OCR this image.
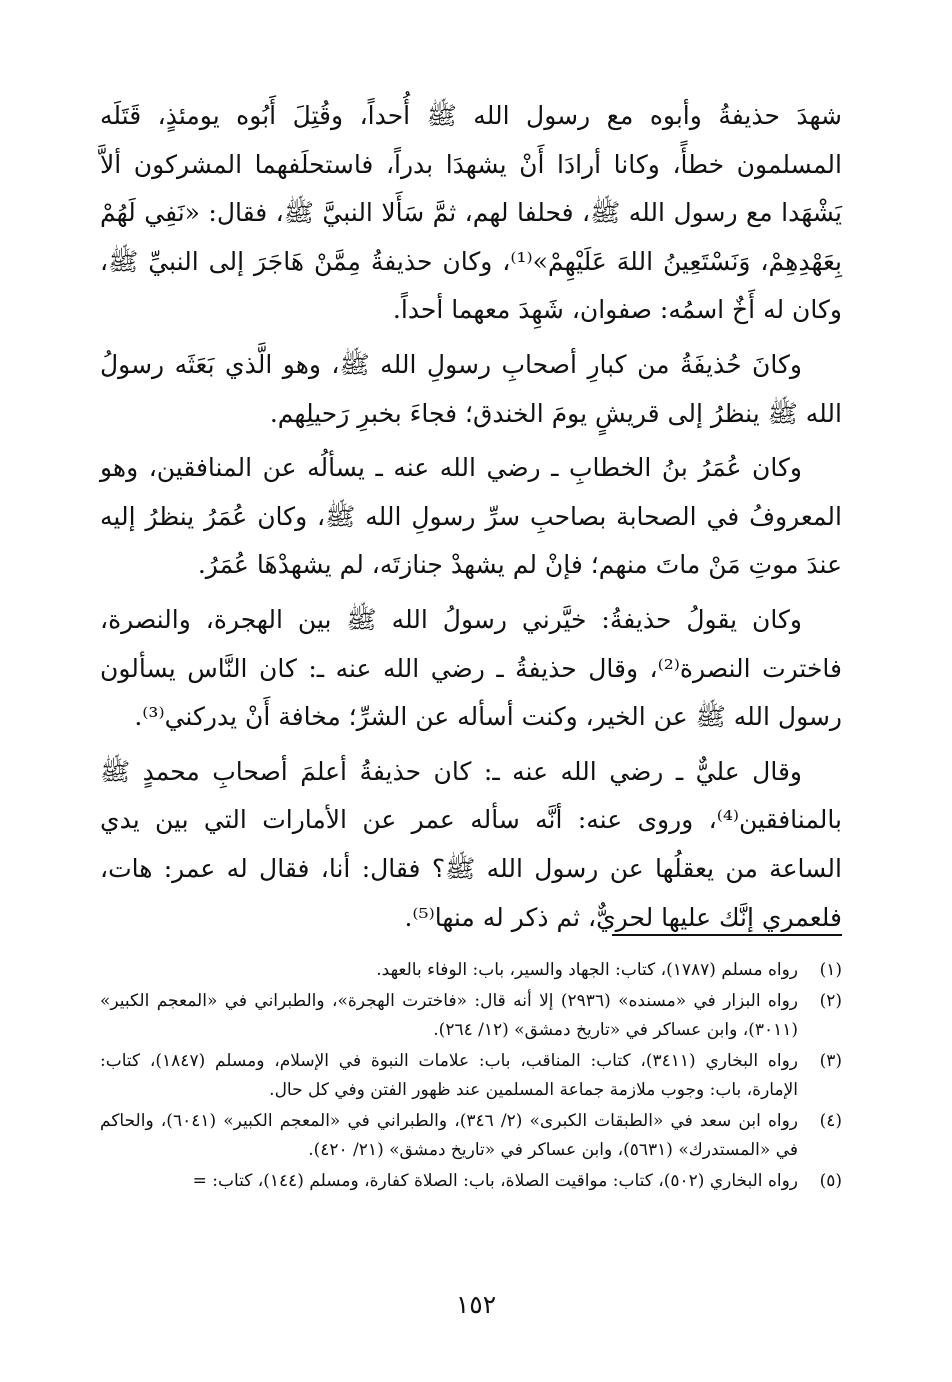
شهدَ حذيفةُ وأبوه مع رسول الله ﷺ أُحداً، وقُتِلَ أَبُوه يومئذٍ، قَتَلَه المسلمون خطأً، وكانا أرادَا أَنْ يشهدَا بدراً، فاستحلَفهما المشركون ألاَّ يَشْهَدا مع رسول الله ﷺ، فحلفا لهم، ثمَّ سَأَلا النبيَّ ﷺ، فقال: «نَفِي لَهُمْ بِعَهْدِهِمْ، وَنَسْتَعِينُ اللهَ عَلَيْهِمْ»⁽¹⁾، وكان حذيفةُ مِمَّنْ هَاجَرَ إلى النبيِّ ﷺ، وكان له أَخٌ اسمُه: صفوان، شَهِدَ معهما أحداً.

وكانَ حُذيفَةُ من كبارِ أصحابِ رسولِ الله ﷺ، وهو الَّذي بَعَثَه رسولُ الله ﷺ ينظرُ إلى قريشٍ يومَ الخندق؛ فجاءَ بخبرِ رَحيلِهم.

وكان عُمَرُ بنُ الخطابِ ـ رضي الله عنه ـ يسألُه عن المنافقين، وهو المعروفُ في الصحابة بصاحبِ سرِّ رسولِ الله ﷺ، وكان عُمَرُ ينظرُ إليه عندَ موتِ مَنْ ماتَ منهم؛ فإنْ لم يشهدْ جنازتَه، لم يشهدْهَا عُمَرُ.

وكان يقولُ حذيفةُ: خيَّرني رسولُ الله ﷺ بين الهجرة، والنصرة، فاخترت النصرة⁽²⁾، وقال حذيفةُ ـ رضي الله عنه ـ: كان النَّاس يسألون رسول الله ﷺ عن الخير، وكنت أسأله عن الشرِّ؛ مخافة أَنْ يدركني⁽³⁾.

وقال عليٌّ ـ رضي الله عنه ـ: كان حذيفةُ أعلمَ أصحابِ محمدٍ ﷺ بالمنافقين⁽⁴⁾، وروى عنه: أنَّه سأله عمر عن الأمارات التي بين يدي الساعة من يعقلُها عن رسول الله ﷺ؟ فقال: أنا، فقال له عمر: هات، فلعمري إنَّك عليها لحريٌّ، ثم ذكر له منها⁽⁵⁾.

(١)
رواه مسلم (١٧٨٧)، كتاب: الجهاد والسير، باب: الوفاء بالعهد.
(٢)
رواه البزار في «مسنده» (٢٩٣٦) إلا أنه قال: «فاخترت الهجرة»، والطبراني في «المعجم الكبير» (٣٠١١)، وابن عساكر في «تاريخ دمشق» (١٢/ ٢٦٤).
(٣)
رواه البخاري (٣٤١١)، كتاب: المناقب، باب: علامات النبوة في الإسلام، ومسلم (١٨٤٧)، كتاب: الإمارة، باب: وجوب ملازمة جماعة المسلمين عند ظهور الفتن وفي كل حال.
(٤)
رواه ابن سعد في «الطبقات الكبرى» (٢/ ٣٤٦)، والطبراني في «المعجم الكبير» (٦٠٤١)، والحاكم في «المستدرك» (٥٦٣١)، وابن عساكر في «تاريخ دمشق» (٢١/ ٤٢٠).
(٥)
رواه البخاري (٥٠٢)، كتاب: مواقيت الصلاة، باب: الصلاة كفارة، ومسلم (١٤٤)، كتاب: =
١٥٢
